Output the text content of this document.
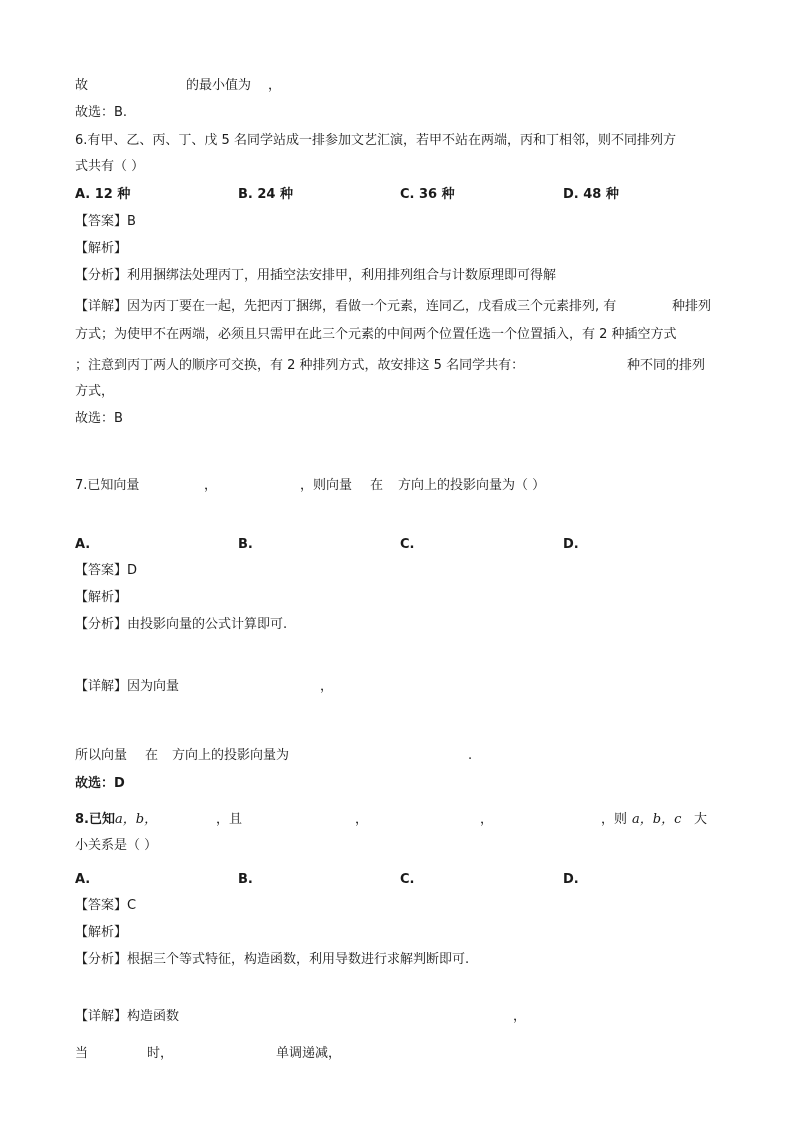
故	的最小值为 ，
故选：B.
6.有甲、乙、丙、丁、戊 5 名同学站成一排参加文艺汇演，若甲不站在两端，丙和丁相邻，则不同排列方
式共有（ ）
A. 12 种	B. 24 种	C. 36 种	D. 48 种
【答案】B
【解析】
【分析】利用捆绑法处理丙丁，用插空法安排甲，利用排列组合与计数原理即可得解
【详解】因为丙丁要在一起，先把丙丁捆绑，看做一个元素，连同乙，戊看成三个元素排列, 有	种排列
方式；为使甲不在两端，必须且只需甲在此三个元素的中间两个位置任选一个位置插入，有 2 种插空方式
；注意到丙丁两人的顺序可交换，有 2 种排列方式，故安排这 5 名同学共有：	种不同的排列
方式，
故选：B
7.已知向量	，	，则向量 在 方向上的投影向量为（ ）
A.	B.	C.	D.
【答案】D
【解析】
【分析】由投影向量的公式计算即可.
【详解】因为向量	，
所以向量 在 方向上的投影向量为	.
故选：D
8.已知 a，b，	，且	，	，	，则 a，b，c 大
小关系是（ ）
A.	B.	C.	D.
【答案】C
【解析】
【分析】根据三个等式特征，构造函数，利用导数进行求解判断即可.
【详解】构造函数	，
当	时，	单调递减，
